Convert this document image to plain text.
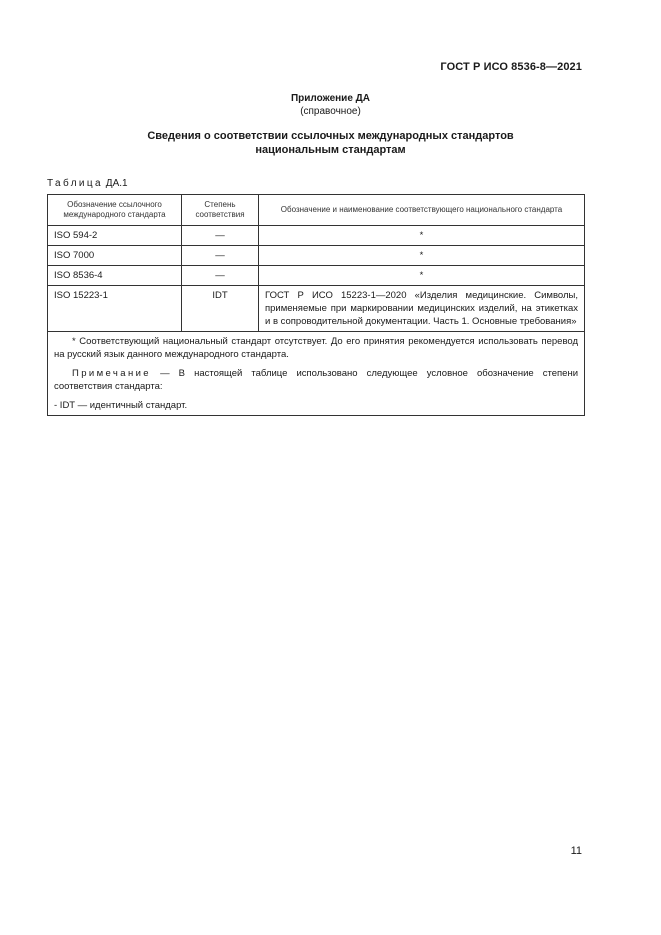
ГОСТ Р ИСО 8536-8—2021
Приложение ДА
(справочное)
Сведения о соответствии ссылочных международных стандартов
национальным стандартам
Таблица ДА.1
Обозначение ссылочного международного стандарта	Степень соответствия	Обозначение и наименование соответствующего национального стандарта
ISO 594-2	—	*
ISO 7000	—	*
ISO 8536-4	—	*
ISO 15223-1	IDT	ГОСТ Р ИСО 15223-1—2020 «Изделия медицинские. Символы, применяемые при маркировании медицинских изделий, на этикетках и в сопроводительной документации. Часть 1. Основные требования»

* Соответствующий национальный стандарт отсутствует. До его принятия рекомендуется использовать перевод на русский язык данного международного стандарта.

Примечание — В настоящей таблице использовано следующее условное обозначение степени соответствия стандарта:

- IDT — идентичный стандарт.		

11
